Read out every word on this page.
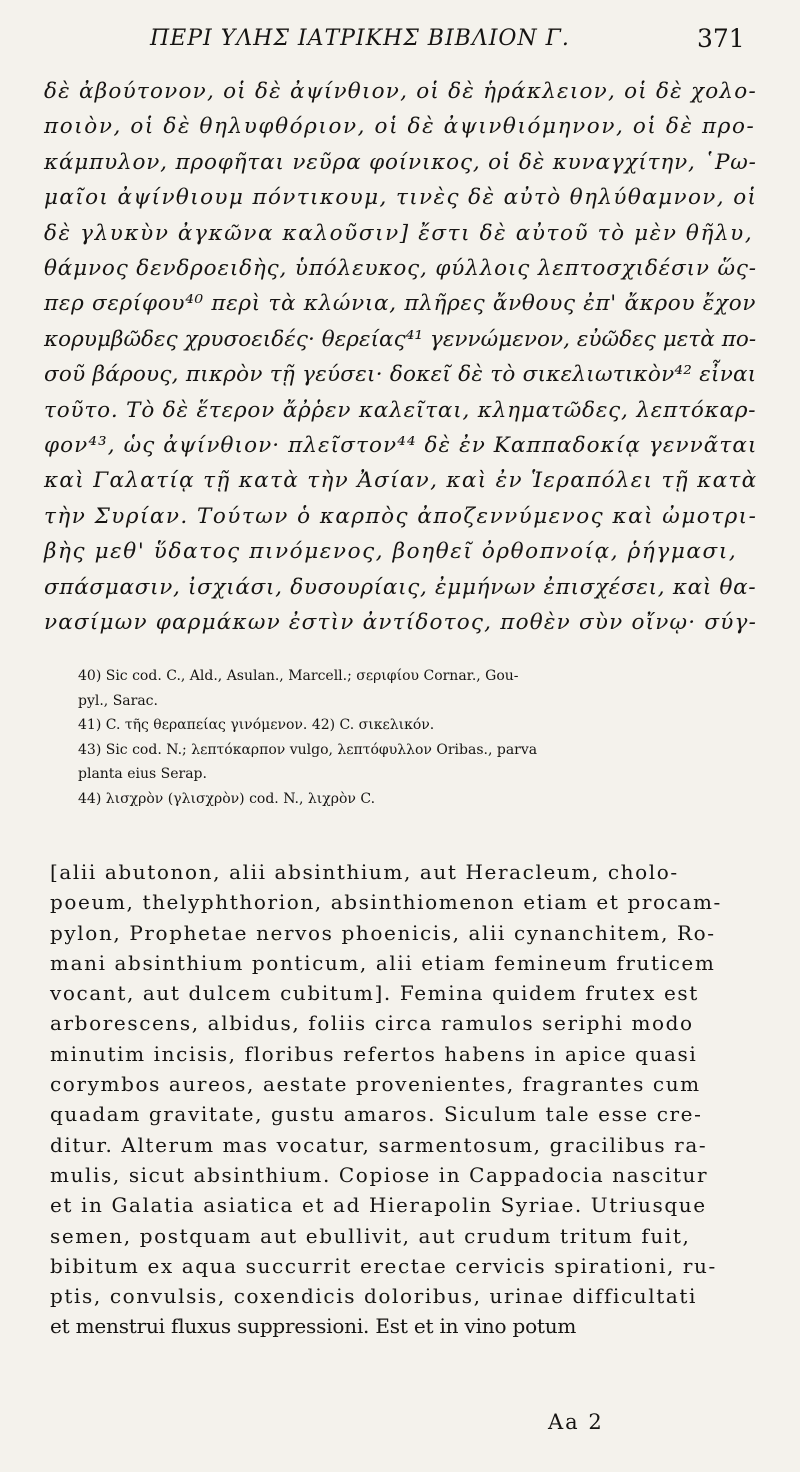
ΠΕΡΙ ΥΛΗΣ ΙΑΤΡΙΚΗΣ ΒΙΒΛΙΟΝ Γ.	371
δὲ ἀβούτονον, οἱ δὲ ἀψίνθιον, οἱ δὲ ἡράκλειον, οἱ δὲ χολο-
ποιὸν, οἱ δὲ θηλυφθόριον, οἱ δὲ ἀψινθιόμηνον, οἱ δὲ προ-
κάμπυλον, προφῆται νεῦρα φοίνικος, οἱ δὲ κυναγχίτην, ῾Ρω-
μαῖοι ἀψίνθιουμ πόντικουμ, τινὲς δὲ αὐτὸ θηλύθαμνον, οἱ
δὲ γλυκὺν ἀγκῶνα καλοῦσιν] ἔστι δὲ αὐτοῦ τὸ μὲν θῆλυ,
θάμνος δενδροειδὴς, ὑπόλευκος, φύλλοις λεπτοσχιδέσιν ὥς-
περ σερίφου⁴⁰ περὶ τὰ κλώνια, πλῆρες ἄνθους ἐπ' ἄκρου ἔχον
κορυμβῶδες χρυσοειδές· θερείας⁴¹ γεννώμενον, εὐῶδες μετὰ πο-
σοῦ βάρους, πικρὸν τῇ γεύσει· δοκεῖ δὲ τὸ σικελιωτικὸν⁴² εἶναι
τοῦτο. Τὸ δὲ ἕτερον ἄῤῥεν καλεῖται, κληματῶδες, λεπτόκαρ-
φον⁴³, ὡς ἀψίνθιον· πλεῖστον⁴⁴ δὲ ἐν Καππαδοκίᾳ γεννᾶται
καὶ Γαλατίᾳ τῇ κατὰ τὴν Ἀσίαν, καὶ ἐν Ἱεραπόλει τῇ κατὰ
τὴν Συρίαν. Τούτων ὁ καρπὸς ἀποζεννύμενος καὶ ὠμοτρι-
βὴς μεθ' ὕδατος πινόμενος, βοηθεῖ ὀρθοπνοίᾳ, ῥήγμασι,
σπάσμασιν, ἰσχιάσι, δυσουρίαις, ἐμμήνων ἐπισχέσει, καὶ θα-
νασίμων φαρμάκων ἐστὶν ἀντίδοτος, ποθὲν σὺν οἴνῳ· σύγ-
40) Sic cod. C., Ald., Asulan., Marcell.; σεριφίου Cornar., Gou-
pyl., Sarac.
41) C. τῆς θεραπείας γινόμενον. 42) C. σικελικόν.
43) Sic cod. N.; λεπτόκαρπον vulgo, λεπτόφυλλον Oribas., parva
planta eius Serap.
44) λισχρὸν (γλισχρὸν) cod. N., λιχρὸν C.
[alii abutonon, alii absinthium, aut Heracleum, cholo-
poeum, thelyphthorion, absinthiomenon etiam et procam-
pylon, Prophetae nervos phoenicis, alii cynanchitem, Ro-
mani absinthium ponticum, alii etiam femineum fruticem
vocant, aut dulcem cubitum]. Femina quidem frutex est
arborescens, albidus, foliis circa ramulos seriphi modo
minutim incisis, floribus refertos habens in apice quasi
corymbos aureos, aestate provenientes, fragrantes cum
quadam gravitate, gustu amaros. Siculum tale esse cre-
ditur. Alterum mas vocatur, sarmentosum, gracilibus ra-
mulis, sicut absinthium. Copiose in Cappadocia nascitur
et in Galatia asiatica et ad Hierapolin Syriae. Utriusque
semen, postquam aut ebullivit, aut crudum tritum fuit,
bibitum ex aqua succurrit erectae cervicis spirationi, ru-
ptis, convulsis, coxendicis doloribus, urinae difficultati
et menstrui fluxus suppressioni. Est et in vino potum
Aa 2
